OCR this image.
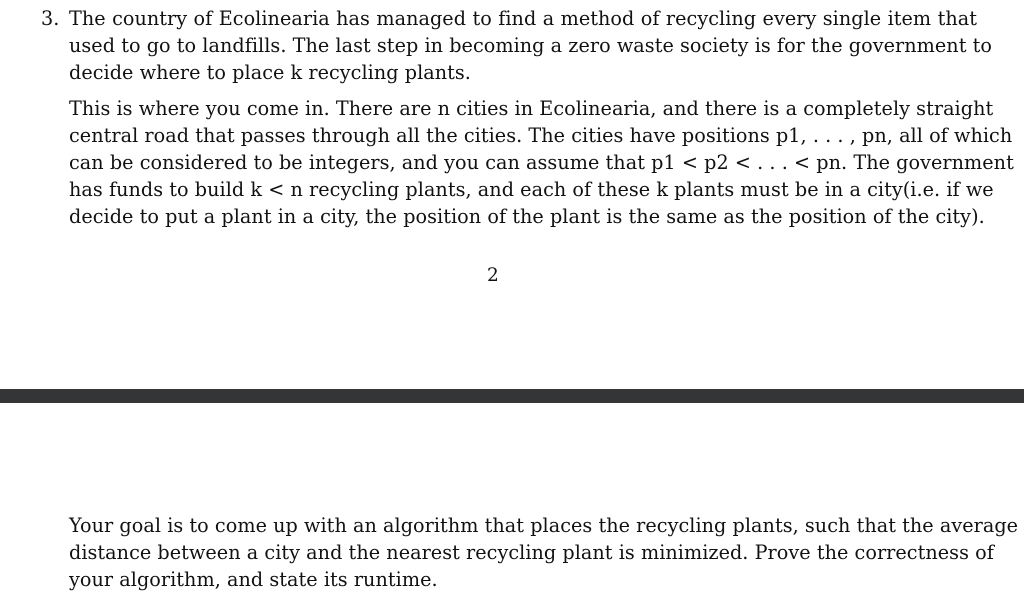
3. The country of Ecolinearia has managed to find a method of recycling every single item that
used to go to landfills. The last step in becoming a zero waste society is for the government to
decide where to place k recycling plants.
This is where you come in. There are n cities in Ecolinearia, and there is a completely straight
central road that passes through all the cities. The cities have positions p1, . . . , pn, all of which
can be considered to be integers, and you can assume that p1 < p2 < . . . < pn. The government
has funds to build k < n recycling plants, and each of these k plants must be in a city(i.e. if we
decide to put a plant in a city, the position of the plant is the same as the position of the city).
2
Your goal is to come up with an algorithm that places the recycling plants, such that the average
distance between a city and the nearest recycling plant is minimized. Prove the correctness of
your algorithm, and state its runtime.
